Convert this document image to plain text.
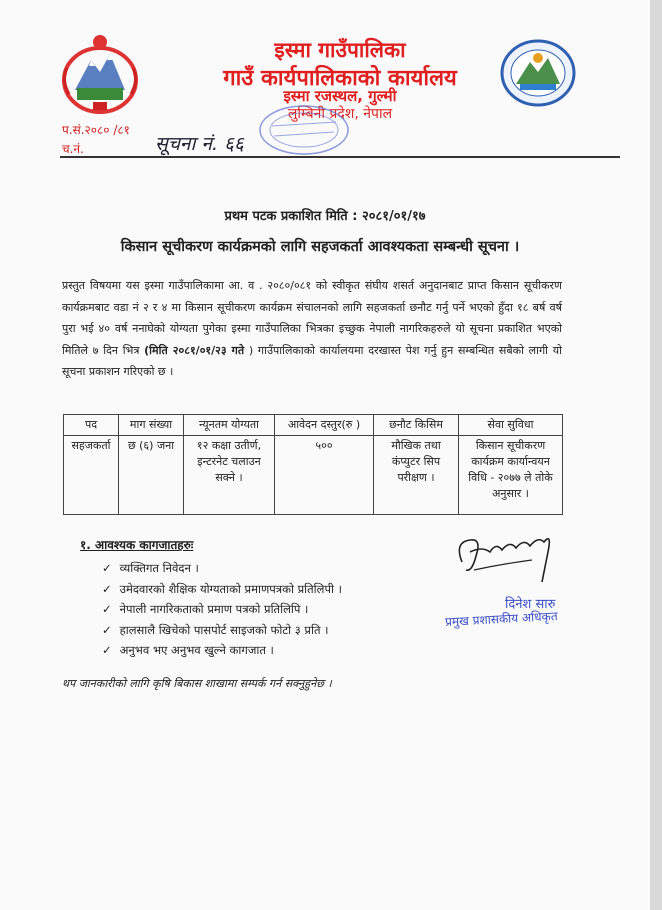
इस्मा गाउँपालिका
गाउँ कार्यपालिकाको कार्यालय
इस्मा रजस्थल, गुल्मी
लुम्बिनी प्रदेश, नेपाल
प.सं.२०८० /८१
च.नं.	सूचना नं. ६६
प्रथम पटक प्रकाशित मिति : २०८१/०१/१७
किसान सूचीकरण कार्यक्रमको लागि सहजकर्ता आवश्यकता सम्बन्धी सूचना ।
प्रस्तुत विषयमा यस इस्मा गाउँपालिकामा आ. व . २०८०/०८१ को स्वीकृत संघीय शसर्त अनुदानबाट प्राप्त किसान सूचीकरण कार्यक्रमबाट वडा नं २ र ४ मा किसान सूचीकरण कार्यक्रम संचालनको लागि सहजकर्ता छनौट गर्नु पर्ने भएको हुँदा १८ बर्ष वर्ष पुरा भई ४० वर्ष ननाघेको योग्यता पुगेका इस्मा गाउँपालिका भित्रका इच्छुक नेपाली नागरिकहरुले यो सूचना प्रकाशित भएको मितिले ७ दिन भित्र (मिति २०८१/०१/२३ गते ) गाउँपालिकाको कार्यालयमा दरखास्त पेश गर्नु हुन सम्बन्धित सबैको लागी यो सूचना प्रकाशन गरिएको छ ।
पद	माग संख्या	न्यूनतम योग्यता	आवेदन दस्तुर(रु )	छनौट किसिम	सेवा सुविधा
सहजकर्ता	छ (६) जना	१२ कक्षा उतीर्ण, इन्टरनेट चलाउन सक्ने ।	५००	मौखिक तथा कंप्युटर सिप परीक्षण ।	किसान सूचीकरण कार्यक्रम कार्यान्वयन विधि - २०७७ ले तोके अनुसार ।
१. आवश्यक कागजातहरुः
✓ व्यक्तिगत निवेदन ।
✓ उमेदवारको शैक्षिक योग्यताको प्रमाणपत्रको प्रतिलिपी ।
✓ नेपाली नागरिकताको प्रमाण पत्रको प्रतिलिपि ।
✓ हालसालै खिचेको पासपोर्ट साइजको फोटो ३ प्रति ।
✓ अनुभव भए अनुभव खुल्ने कागजात ।
दिनेश सारु
प्रमुख प्रशासकीय अधिकृत
थप जानकारीको लागि कृषि बिकास शाखामा सम्पर्क गर्न सक्नुहुनेछ ।
